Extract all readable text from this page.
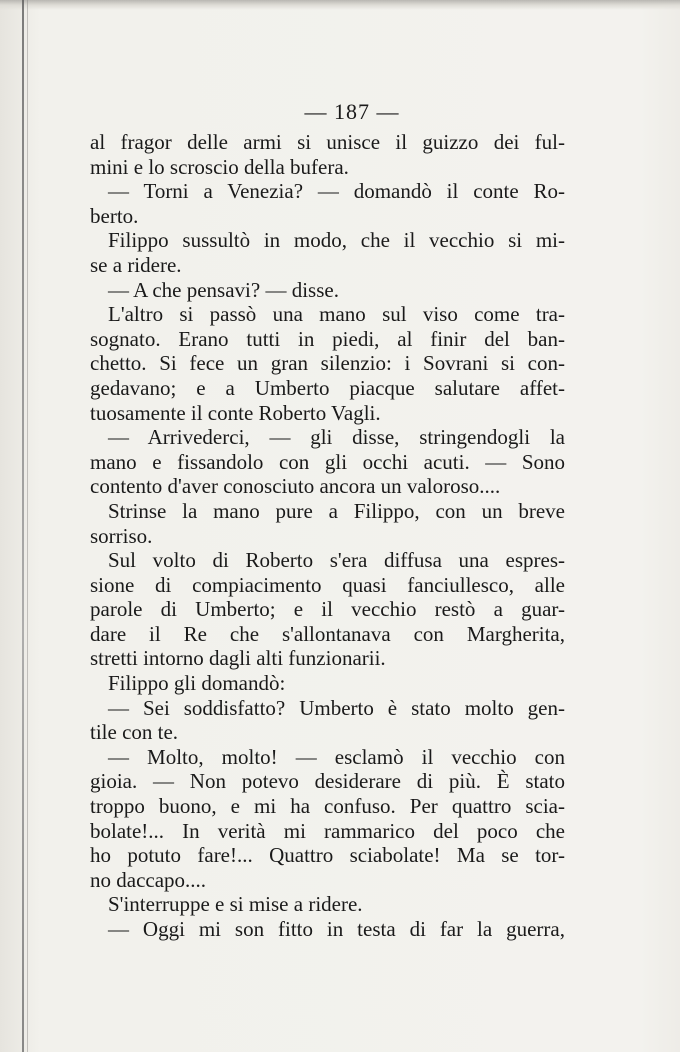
— 187 —
al fragor delle armi si unisce il guizzo dei ful-
mini e lo scroscio della bufera.
— Torni a Venezia? — domandò il conte Ro-
berto.
Filippo sussultò in modo, che il vecchio si mi-
se a ridere.
— A che pensavi? — disse.
L'altro si passò una mano sul viso come tra-
sognato. Erano tutti in piedi, al finir del ban-
chetto. Si fece un gran silenzio: i Sovrani si con-
gedavano; e a Umberto piacque salutare affet-
tuosamente il conte Roberto Vagli.
— Arrivederci, — gli disse, stringendogli la
mano e fissandolo con gli occhi acuti. — Sono
contento d'aver conosciuto ancora un valoroso....
Strinse la mano pure a Filippo, con un breve
sorriso.
Sul volto di Roberto s'era diffusa una espres-
sione di compiacimento quasi fanciullesco, alle
parole di Umberto; e il vecchio restò a guar-
dare il Re che s'allontanava con Margherita,
stretti intorno dagli alti funzionarii.
Filippo gli domandò:
— Sei soddisfatto? Umberto è stato molto gen-
tile con te.
— Molto, molto! — esclamò il vecchio con
gioia. — Non potevo desiderare di più. È stato
troppo buono, e mi ha confuso. Per quattro scia-
bolate!... In verità mi rammarico del poco che
ho potuto fare!... Quattro sciabolate! Ma se tor-
no daccapo....
S'interruppe e si mise a ridere.
— Oggi mi son fitto in testa di far la guerra,
